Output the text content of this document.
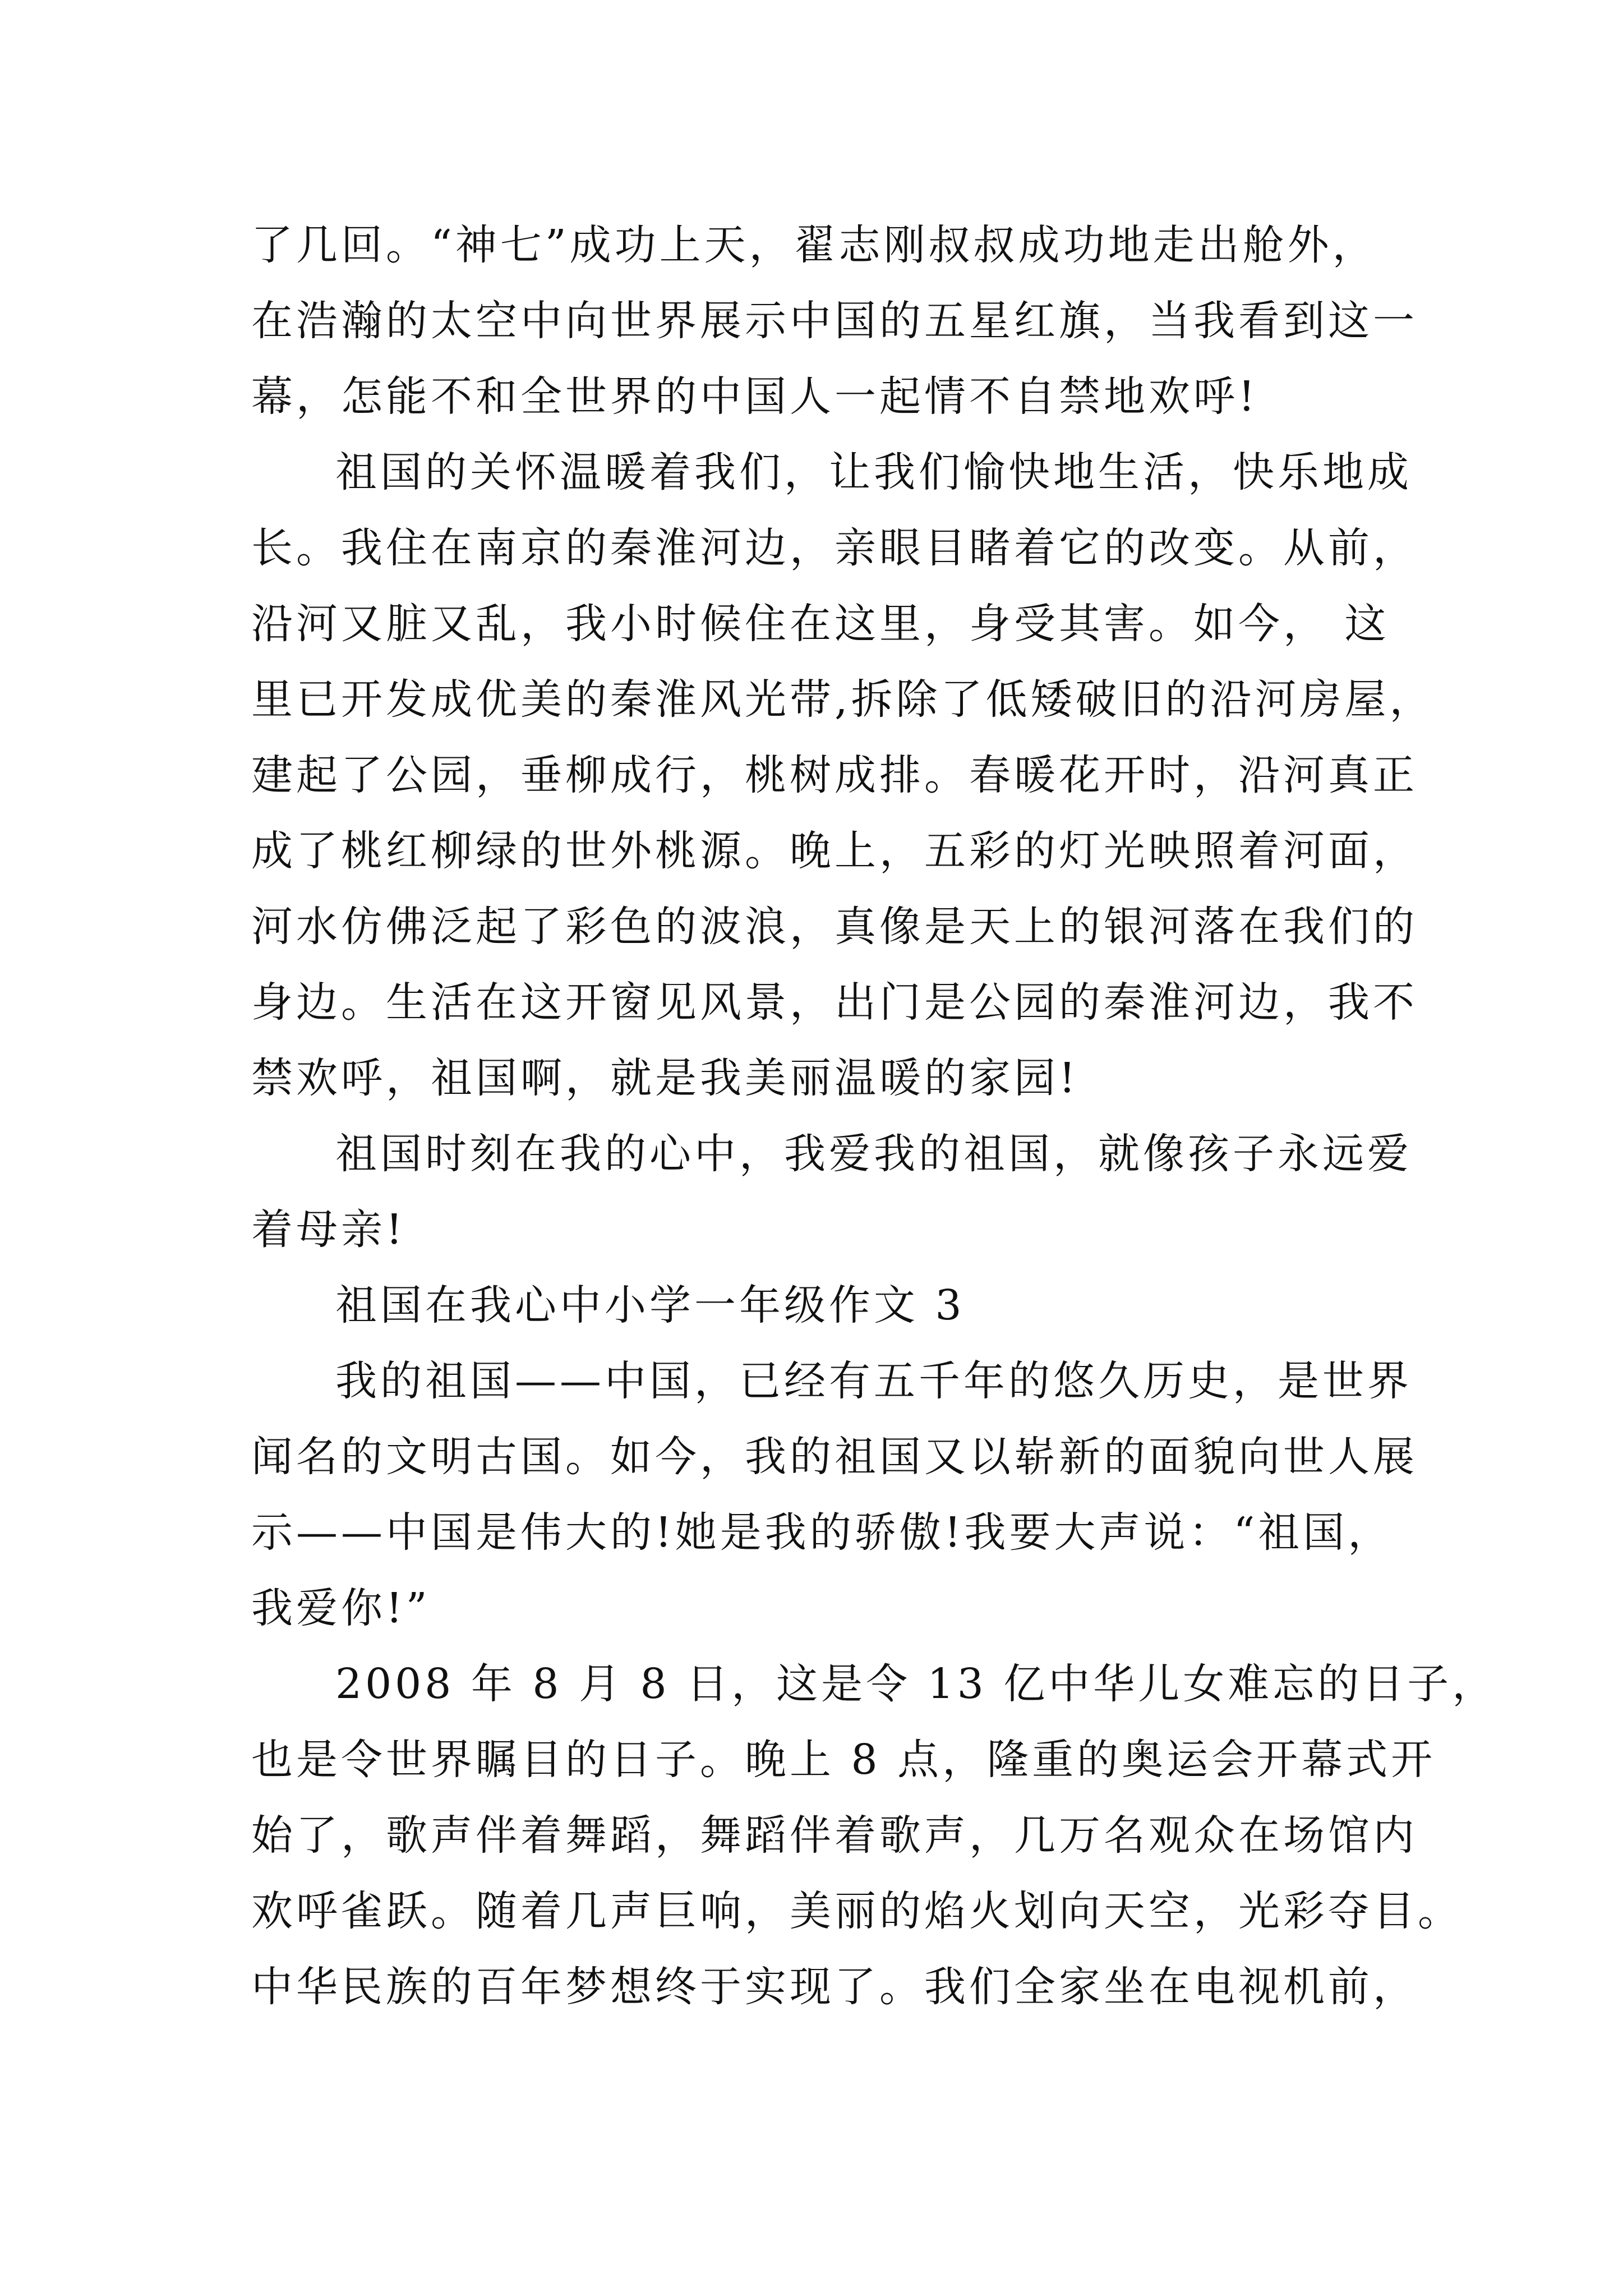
了几回。“神七”成功上天，翟志刚叔叔成功地走出舱外，
在浩瀚的太空中向世界展示中国的五星红旗，当我看到这一
幕，怎能不和全世界的中国人一起情不自禁地欢呼!
祖国的关怀温暖着我们，让我们愉快地生活，快乐地成
长。我住在南京的秦淮河边，亲眼目睹着它的改变。从前，
沿河又脏又乱，我小时候住在这里，身受其害。如今， 这
里已开发成优美的秦淮风光带,拆除了低矮破旧的沿河房屋，
建起了公园，垂柳成行，桃树成排。春暖花开时，沿河真正
成了桃红柳绿的世外桃源。晚上，五彩的灯光映照着河面，
河水仿佛泛起了彩色的波浪，真像是天上的银河落在我们的
身边。生活在这开窗见风景，出门是公园的秦淮河边，我不
禁欢呼，祖国啊，就是我美丽温暖的家园!
祖国时刻在我的心中，我爱我的祖国，就像孩子永远爱
着母亲!
祖国在我心中小学一年级作文 3
我的祖国——中国，已经有五千年的悠久历史，是世界
闻名的文明古国。如今，我的祖国又以崭新的面貌向世人展
示——中国是伟大的!她是我的骄傲!我要大声说：“祖国，
我爱你!”
2008 年 8 月 8 日，这是令 13 亿中华儿女难忘的日子，
也是令世界瞩目的日子。晚上 8 点，隆重的奥运会开幕式开
始了，歌声伴着舞蹈，舞蹈伴着歌声，几万名观众在场馆内
欢呼雀跃。随着几声巨响，美丽的焰火划向天空，光彩夺目。
中华民族的百年梦想终于实现了。我们全家坐在电视机前，
